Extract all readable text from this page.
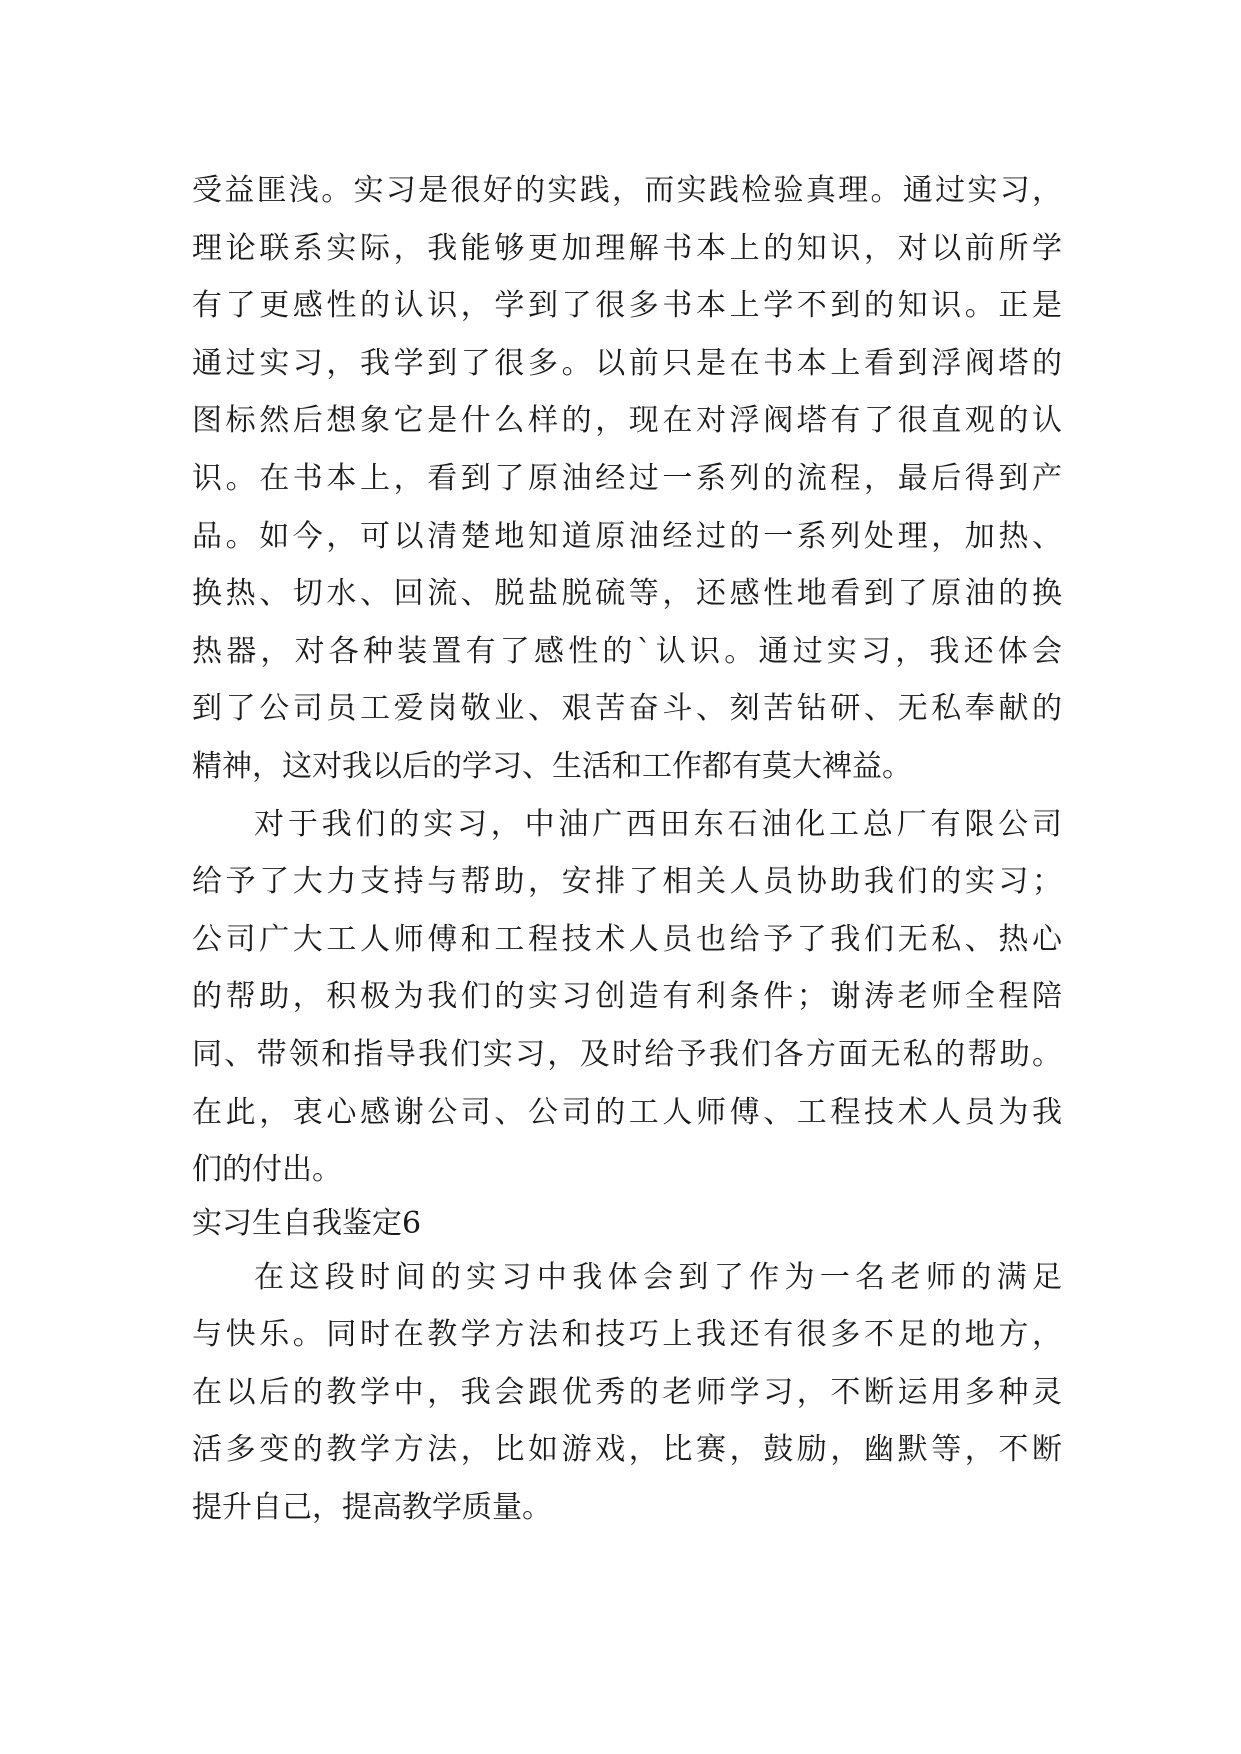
受益匪浅。实习是很好的实践，而实践检验真理。通过实习，
理论联系实际，我能够更加理解书本上的知识，对以前所学
有了更感性的认识，学到了很多书本上学不到的知识。正是
通过实习，我学到了很多。以前只是在书本上看到浮阀塔的
图标然后想象它是什么样的，现在对浮阀塔有了很直观的认
识。在书本上，看到了原油经过一系列的流程，最后得到产
品。如今，可以清楚地知道原油经过的一系列处理，加热、
换热、切水、回流、脱盐脱硫等，还感性地看到了原油的换
热器，对各种装置有了感性的`认识。通过实习，我还体会
到了公司员工爱岗敬业、艰苦奋斗、刻苦钻研、无私奉献的
精神，这对我以后的学习、生活和工作都有莫大裨益。
对于我们的实习，中油广西田东石油化工总厂有限公司
给予了大力支持与帮助，安排了相关人员协助我们的实习；
公司广大工人师傅和工程技术人员也给予了我们无私、热心
的帮助，积极为我们的实习创造有利条件；谢涛老师全程陪
同、带领和指导我们实习，及时给予我们各方面无私的帮助。
在此，衷心感谢公司、公司的工人师傅、工程技术人员为我
们的付出。
实习生自我鉴定6
在这段时间的实习中我体会到了作为一名老师的满足
与快乐。同时在教学方法和技巧上我还有很多不足的地方，
在以后的教学中，我会跟优秀的老师学习，不断运用多种灵
活多变的教学方法，比如游戏，比赛，鼓励，幽默等，不断
提升自己，提高教学质量。
